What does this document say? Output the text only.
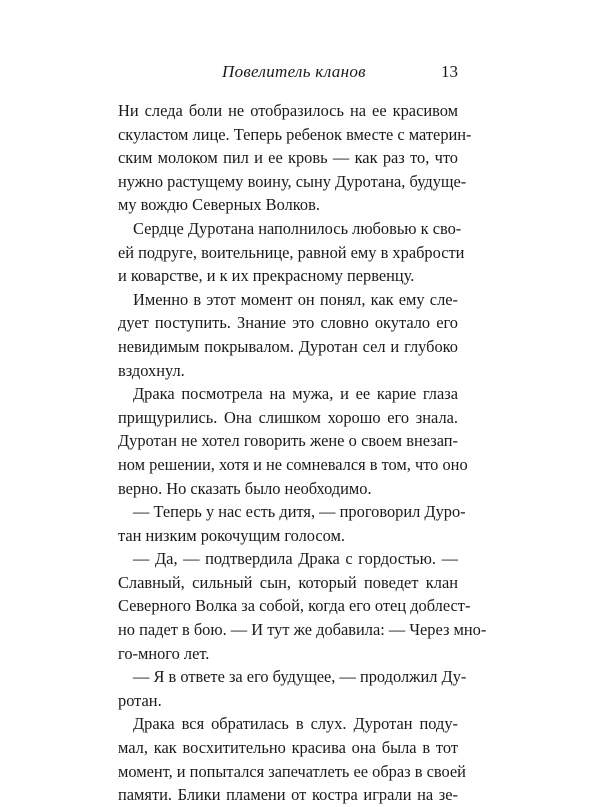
Повелитель кланов	13
Ни следа боли не отобразилось на ее красивом
скуластом лице. Теперь ребенок вместе с материн-
ским молоком пил и ее кровь — как раз то, что
нужно растущему воину, сыну Дуротана, будуще-
му вождю Северных Волков.
Сердце Дуротана наполнилось любовью к сво-
ей подруге, воительнице, равной ему в храбрости
и коварстве, и к их прекрасному первенцу.
Именно в этот момент он понял, как ему сле-
дует поступить. Знание это словно окутало его
невидимым покрывалом. Дуротан сел и глубоко
вздохнул.
Драка посмотрела на мужа, и ее карие глаза
прищурились. Она слишком хорошо его знала.
Дуротан не хотел говорить жене о своем внезап-
ном решении, хотя и не сомневался в том, что оно
верно. Но сказать было необходимо.
— Теперь у нас есть дитя, — проговорил Дуро-
тан низким рокочущим голосом.
— Да, — подтвердила Драка с гордостью. —
Славный, сильный сын, который поведет клан
Северного Волка за собой, когда его отец доблест-
но падет в бою. — И тут же добавила: — Через мно-
го-много лет.
— Я в ответе за его будущее, — продолжил Ду-
ротан.
Драка вся обратилась в слух. Дуротан поду-
мал, как восхитительно красива она была в тот
момент, и попытался запечатлеть ее образ в своей
памяти. Блики пламени от костра играли на зе-
